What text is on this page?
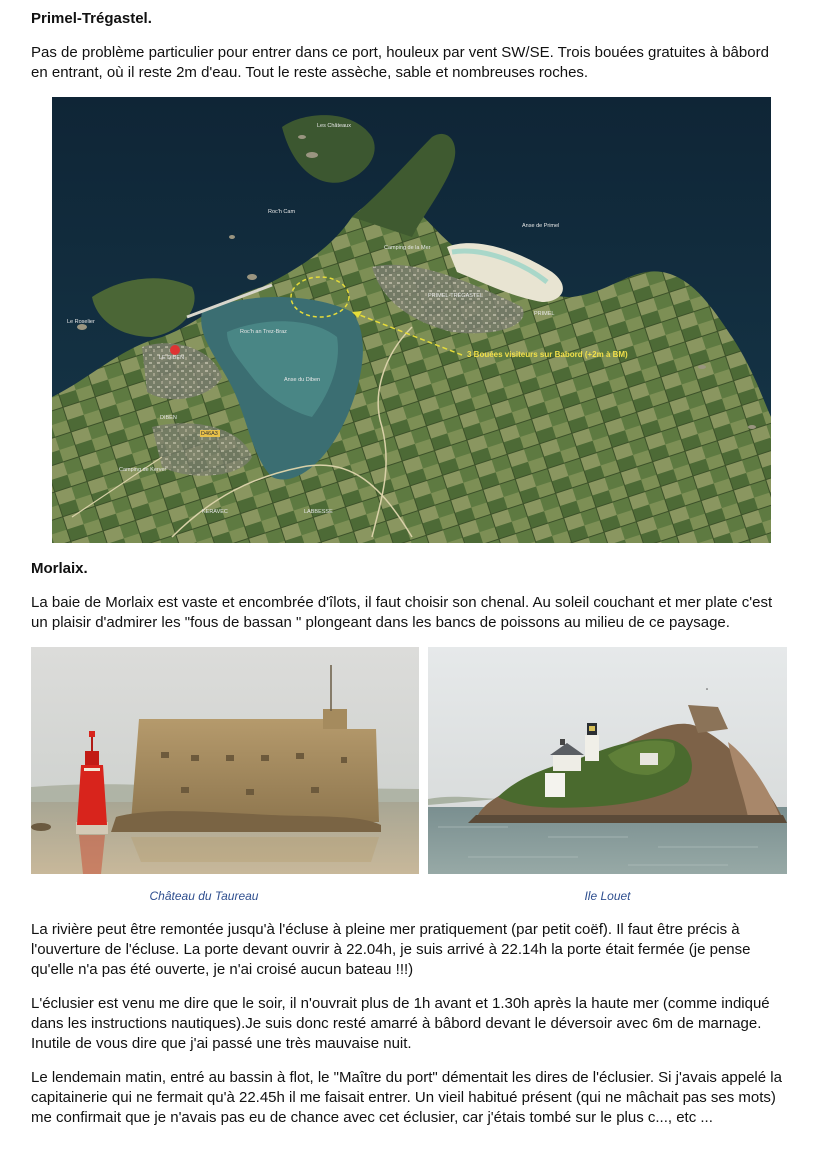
Primel-Trégastel.
Pas de problème particulier pour entrer dans ce port, houleux par vent SW/SE. Trois bouées gratuites à bâbord
en entrant, où il reste 2m d'eau. Tout le reste assèche, sable et nombreuses roches.
Les Châteaux
Roc'h Cam
Anse de Primel
Camping de la Mer
PRIMEL-TRÉGASTEL
PRIMEL
Le Roselier
Roc'h an Trez-Braz
LE DIBEN
Anse du Diben
DIBEN
D46A3
Camping de Kerver
KERAVEC	LABBESSE
3 Bouées visiteurs sur Babord (+2m à BM)
Morlaix.
La baie de Morlaix est vaste et encombrée d'îlots, il faut choisir son chenal. Au soleil couchant et mer plate c'est
un plaisir d'admirer les "fous de bassan " plongeant dans les bancs de poissons au milieu de ce paysage.
Château du Taureau	Ile Louet
La rivière peut être remontée jusqu'à l'écluse à pleine mer pratiquement (par petit coëf). Il faut être précis à
l'ouverture de l'écluse. La porte devant ouvrir à 22.04h, je suis arrivé à 22.14h la porte était fermée (je pense
qu'elle n'a pas été ouverte, je n'ai croisé aucun bateau !!!)
L'éclusier est venu me dire que le soir, il n'ouvrait plus de 1h avant et 1.30h après la haute mer (comme indiqué
dans les instructions nautiques).Je suis donc resté amarré à bâbord devant le déversoir avec 6m de marnage.
Inutile de vous dire que j'ai passé une très mauvaise nuit.
Le lendemain matin, entré au bassin à flot, le "Maître du port" démentait les dires de l'éclusier. Si j'avais appelé la
capitainerie qui ne fermait qu'à 22.45h il me faisait entrer. Un vieil habitué présent (qui ne mâchait pas ses mots)
me confirmait que je n'avais pas eu de chance avec cet éclusier, car j'étais tombé sur le plus c..., etc ...
